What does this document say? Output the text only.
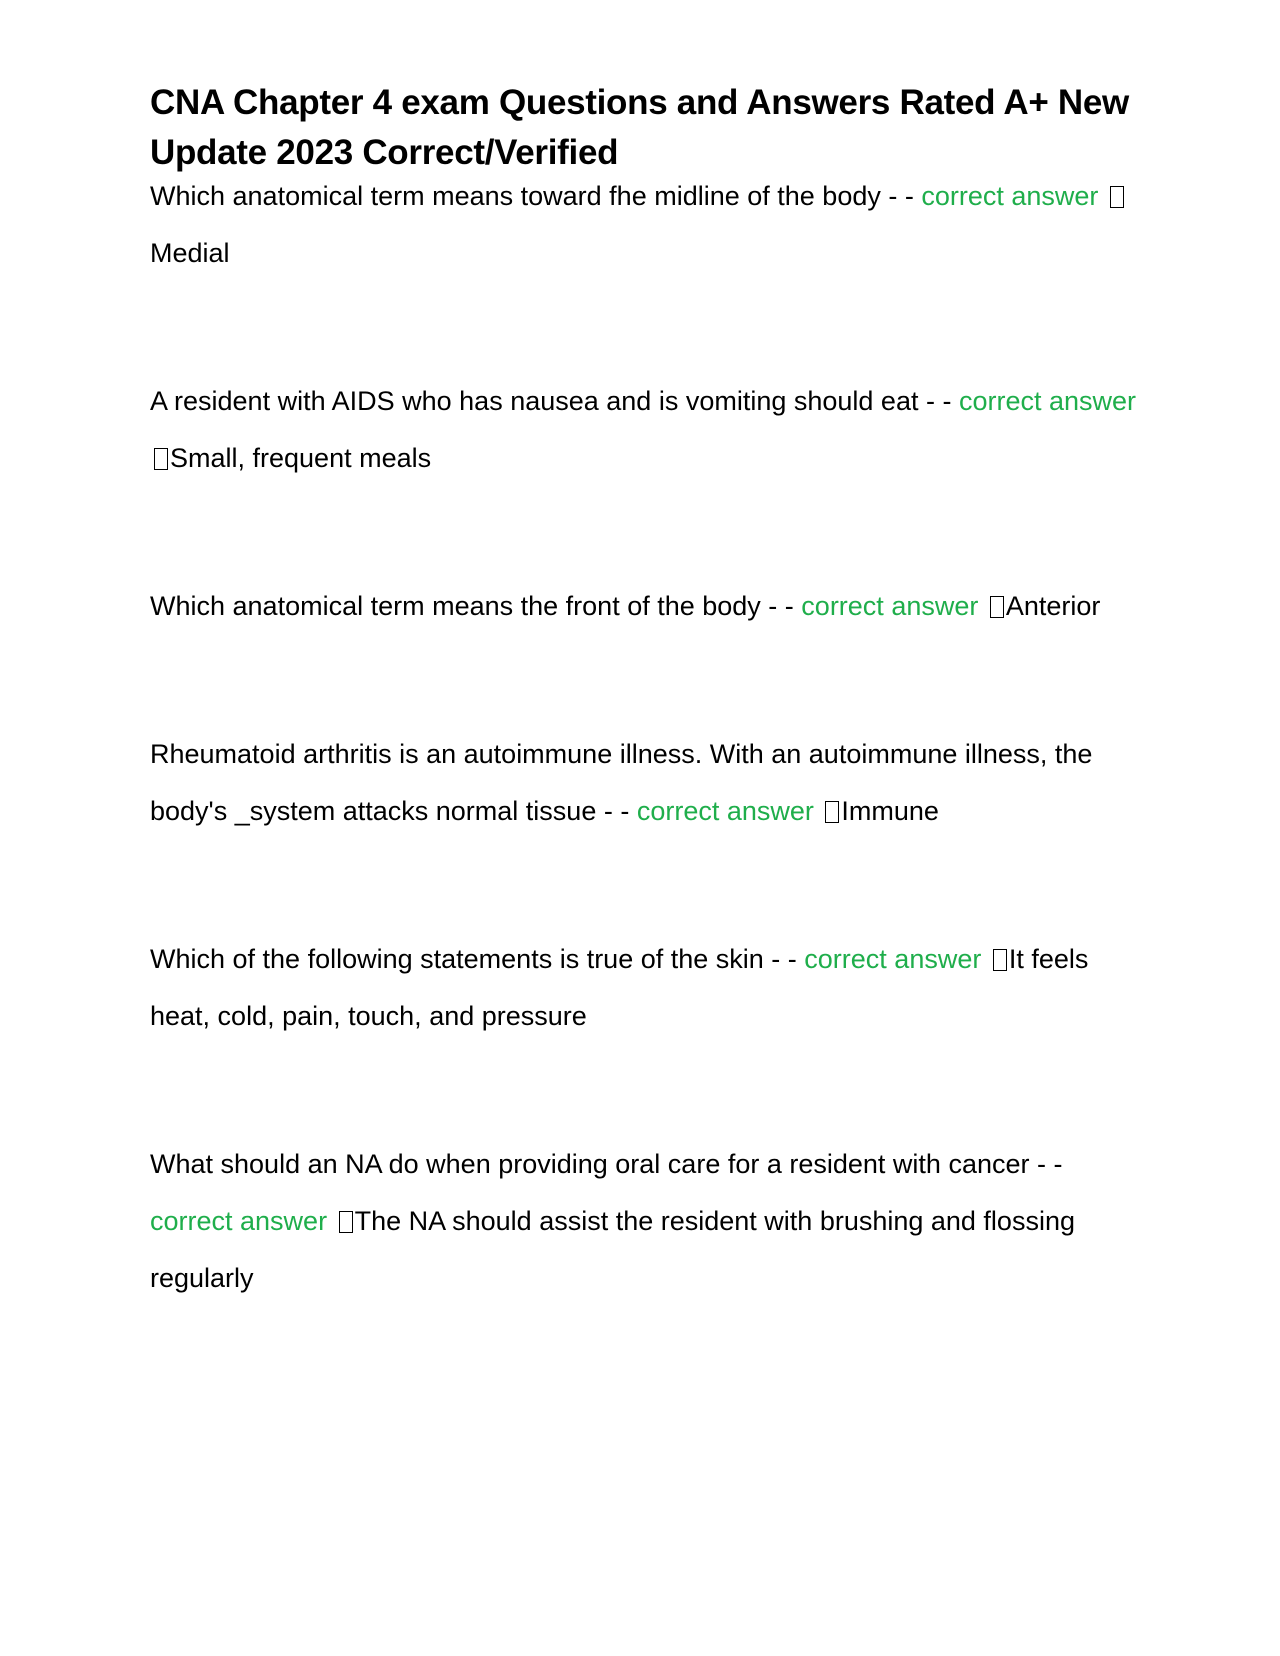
CNA Chapter 4 exam Questions and Answers Rated A+ New Update 2023 Correct/Verified

Which anatomical term means toward fhe midline of the body - - correct answer Medial

A resident with AIDS who has nausea and is vomiting should eat - - correct answer Small, frequent meals

Which anatomical term means the front of the body - - correct answer Anterior

Rheumatoid arthritis is an autoimmune illness. With an autoimmune illness, the body's _system attacks normal tissue - - correct answer Immune

Which of the following statements is true of the skin - - correct answer It feels heat, cold, pain, touch, and pressure

What should an NA do when providing oral care for a resident with cancer - - correct answer The NA should assist the resident with brushing and flossing regularly
